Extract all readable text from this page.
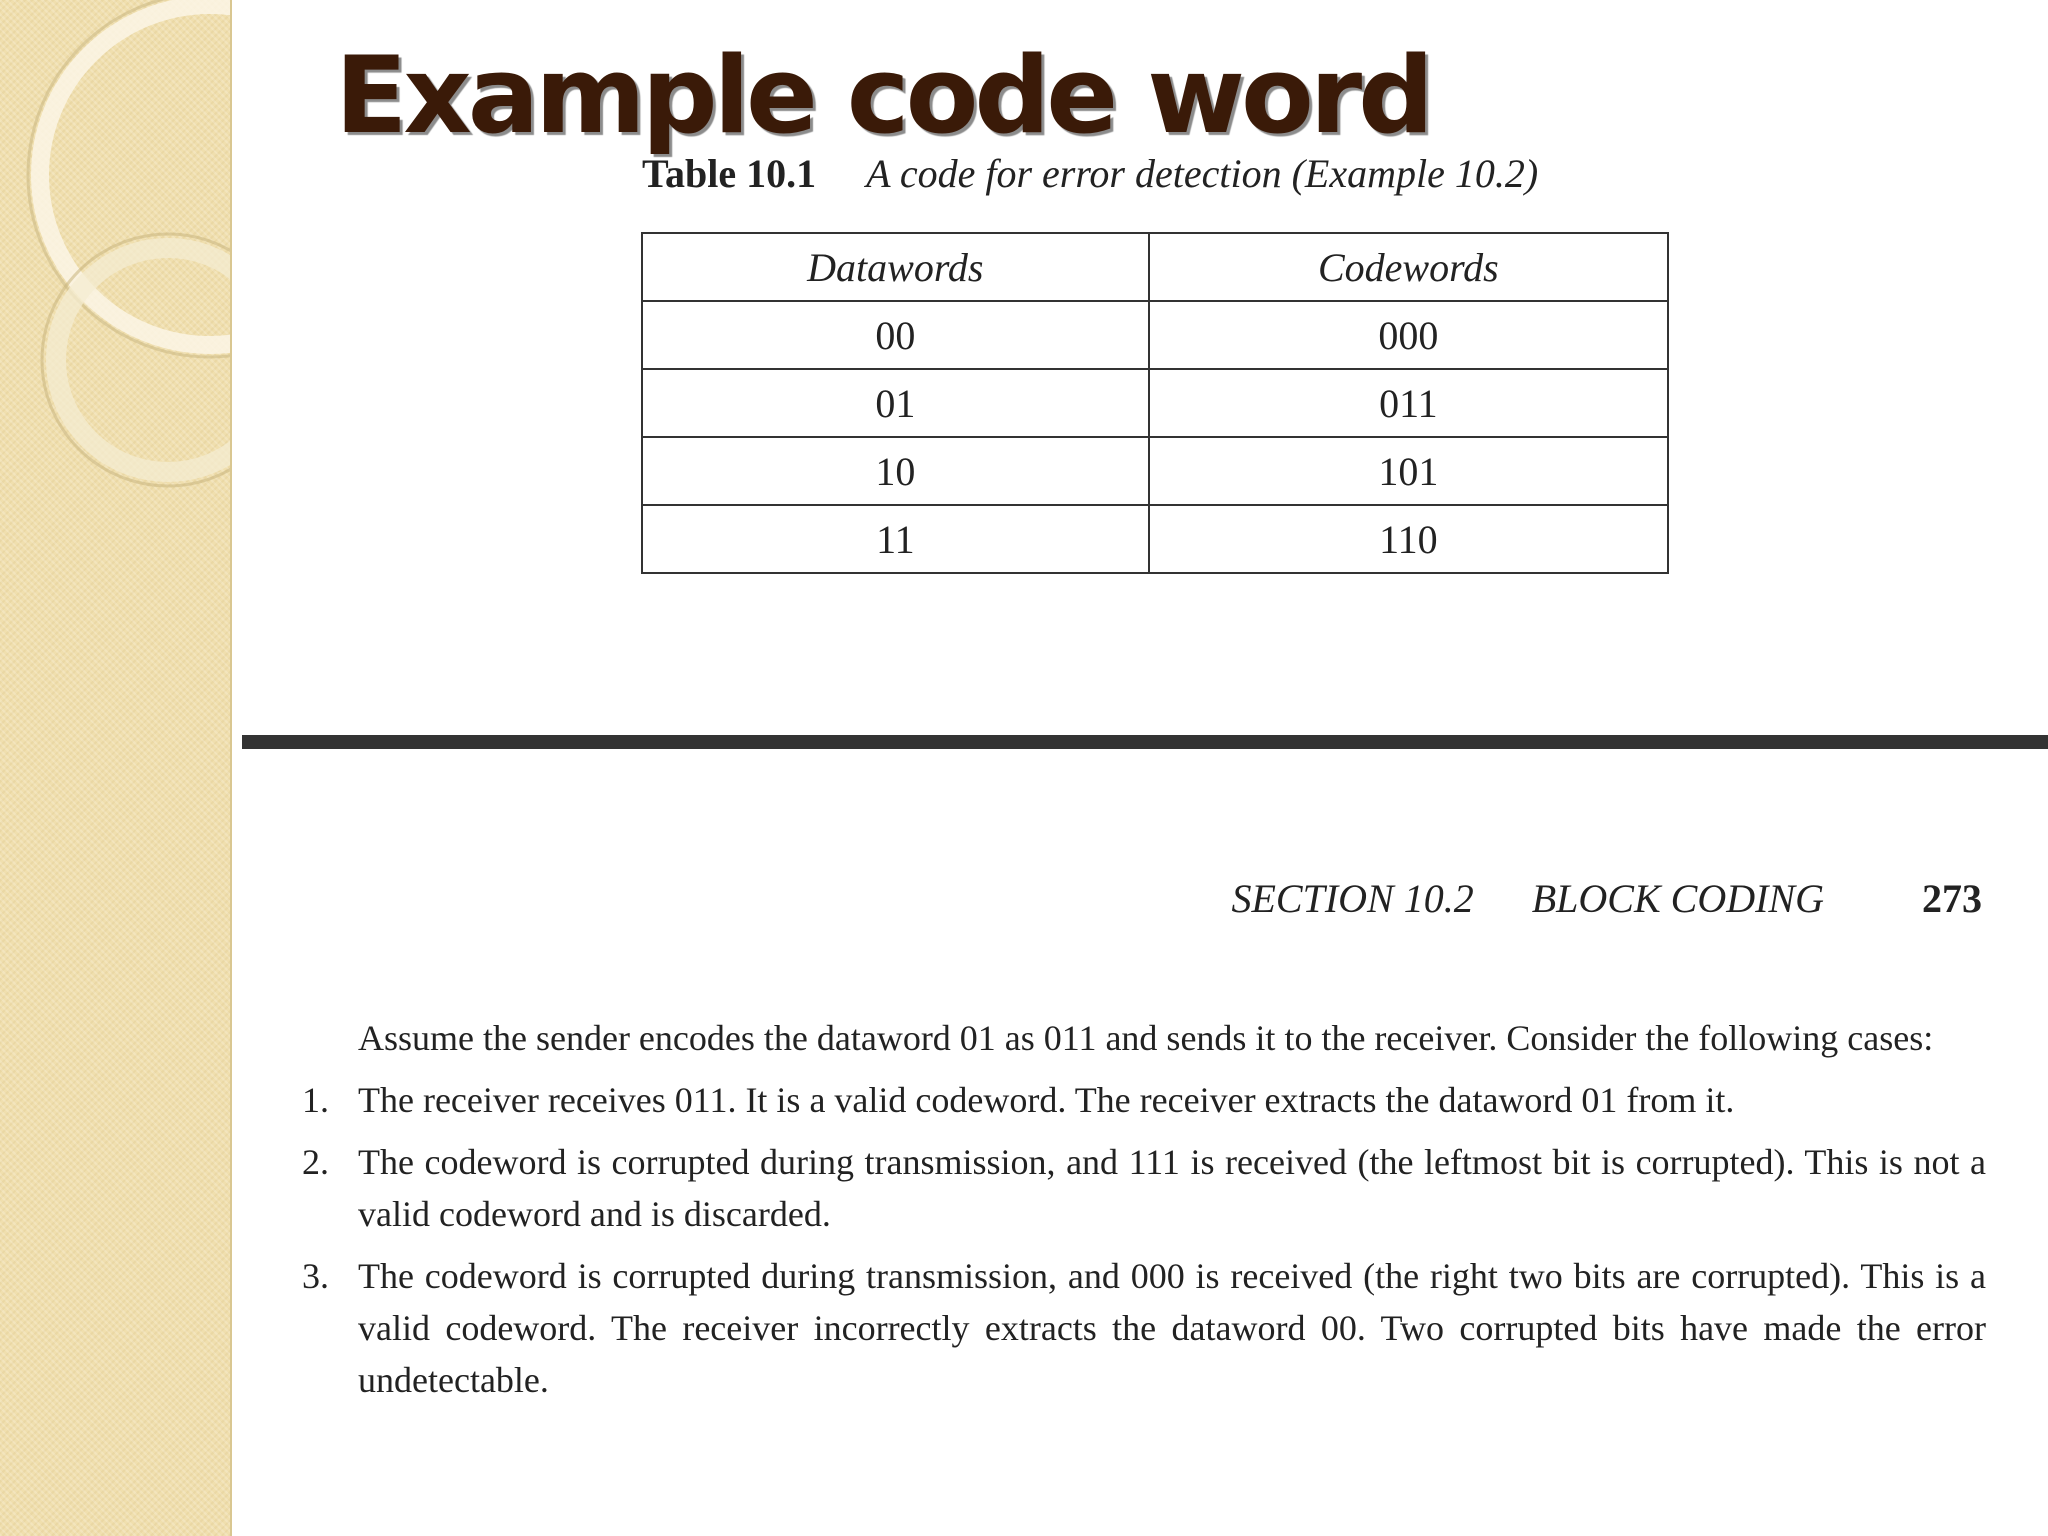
Example code word
Table 10.1 A code for error detection (Example 10.2)
Datawords	Codewords
00	000
01	011
10	101
11	110
SECTION 10.2 BLOCK CODING 273

Assume the sender encodes the dataword 01 as 011 and sends it to the receiver. Consider the following cases:

1. The receiver receives 011. It is a valid codeword. The receiver extracts the dataword 01 from it.
2. The codeword is corrupted during transmission, and 111 is received (the leftmost bit is corrupted). This is not a valid codeword and is discarded.
3. The codeword is corrupted during transmission, and 000 is received (the right two bits are corrupted). This is a valid codeword. The receiver incorrectly extracts the dataword 00. Two corrupted bits have made the error undetectable.
